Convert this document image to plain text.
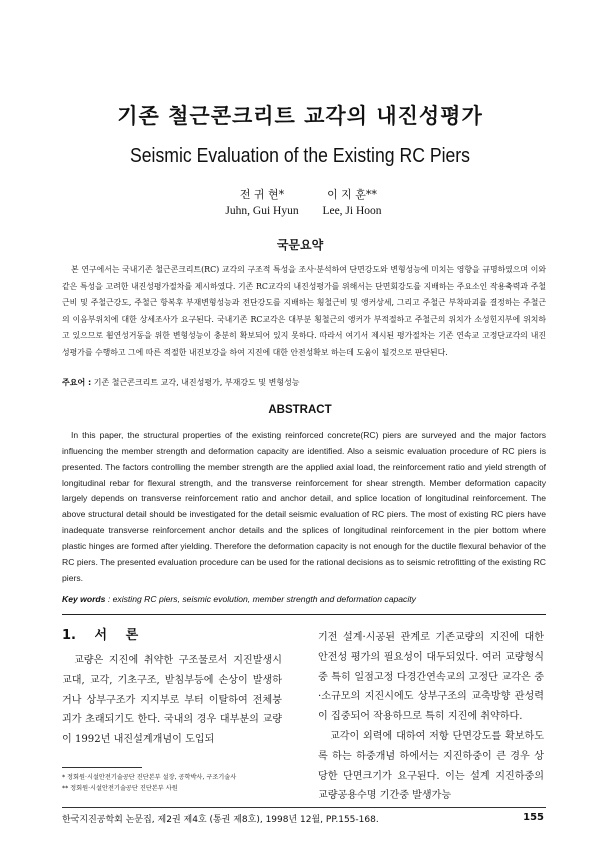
기존 철근콘크리트 교각의 내진성평가
Seismic Evaluation of the Existing RC Piers
전 귀 현*
Juhn, Gui Hyun
이 지 훈**
Lee, Ji Hoon
국문요약
본 연구에서는 국내기존 철근콘크리트(RC) 교각의 구조적 특성을 조사·분석하여 단면강도와 변형성능에 미치는 영향을 규명하였으며 이와 같은 특성을 고려한 내진성평가절차를 제시하였다. 기존 RC교각의 내진성평가를 위해서는 단면회강도를 지배하는 주요소인 작용축력과 주철근비 및 주철근강도, 주철근 항복후 부재변형성능과 전단강도를 지배하는 횡철근비 및 앵커상세, 그리고 주철근 부착파괴를 결정하는 주철근의 이음부위치에 대한 상세조사가 요구된다. 국내기존 RC교각은 대부분 횡철근의 앵커가 부적절하고 주철근의 위치가 소성힌지부에 위치하고 있으므로 휨연성거동을 위한 변형성능이 충분히 확보되어 있지 못하다. 따라서 여기서 제시된 평가절차는 기존 연속교 고정단교각의 내진성평가를 수행하고 그에 따른 적절한 내진보강을 하여 지진에 대한 안전성확보 하는데 도움이 될것으로 판단된다.
주요어 : 기존 철근콘크리트 교각, 내진성평가, 부재강도 및 변형성능
ABSTRACT
In this paper, the structural properties of the existing reinforced concrete(RC) piers are surveyed and the major factors influencing the member strength and deformation capacity are identified. Also a seismic evaluation procedure of RC piers is presented. The factors controlling the member strength are the applied axial load, the reinforcement ratio and yield strength of longitudinal rebar for flexural strength, and the transverse reinforcement for shear strength. Member deformation capacity largely depends on transverse reinforcement ratio and anchor detail, and splice location of longitudinal reinforcement. The above structural detail should be investigated for the detail seismic evaluation of RC piers. The most of existing RC piers have inadequate transverse reinforcement anchor details and the splices of longitudinal reinforcement in the pier bottom where plastic hinges are formed after yielding. Therefore the deformation capacity is not enough for the ductile flexural behavior of the RC piers. The presented evaluation procedure can be used for the rational decisions as to seismic retrofitting of the existing RC piers.
Key words : existing RC piers, seismic evolution, member strength and deformation capacity
1. 서 론

교량은 지진에 취약한 구조물로서 지진발생시 교대, 교각, 기초구조, 받침부등에 손상이 발생하거나 상부구조가 지지부로 부터 이탈하여 전체붕괴가 초래되기도 한다. 국내의 경우 대부분의 교량이 1992년 내진설계개념이 도입되

기전 설계·시공된 관계로 기존교량의 지진에 대한 안전성 평가의 필요성이 대두되었다. 여러 교량형식중 특히 일점고정 다경간연속교의 고정단 교각은 중·소규모의 지진시에도 상부구조의 교축방향 관성력이 집중되어 작용하므로 특히 지진에 취약하다.

교각이 외력에 대하여 저항 단면강도를 확보하도록 하는 하중개념 하에서는 지진하중이 큰 경우 상당한 단면크기가 요구된다. 이는 설계 지진하중의 교량공용수명 기간중 발생가능

* 정회원·시설안전기술공단 진단본부 설장, 공학박사, 구조기술사
** 정회원·시설안전기술공단 진단본부 사원
한국지진공학회 논문집, 제2권 제4호 (통권 제8호), 1998년 12월, PP.155-168.	155
